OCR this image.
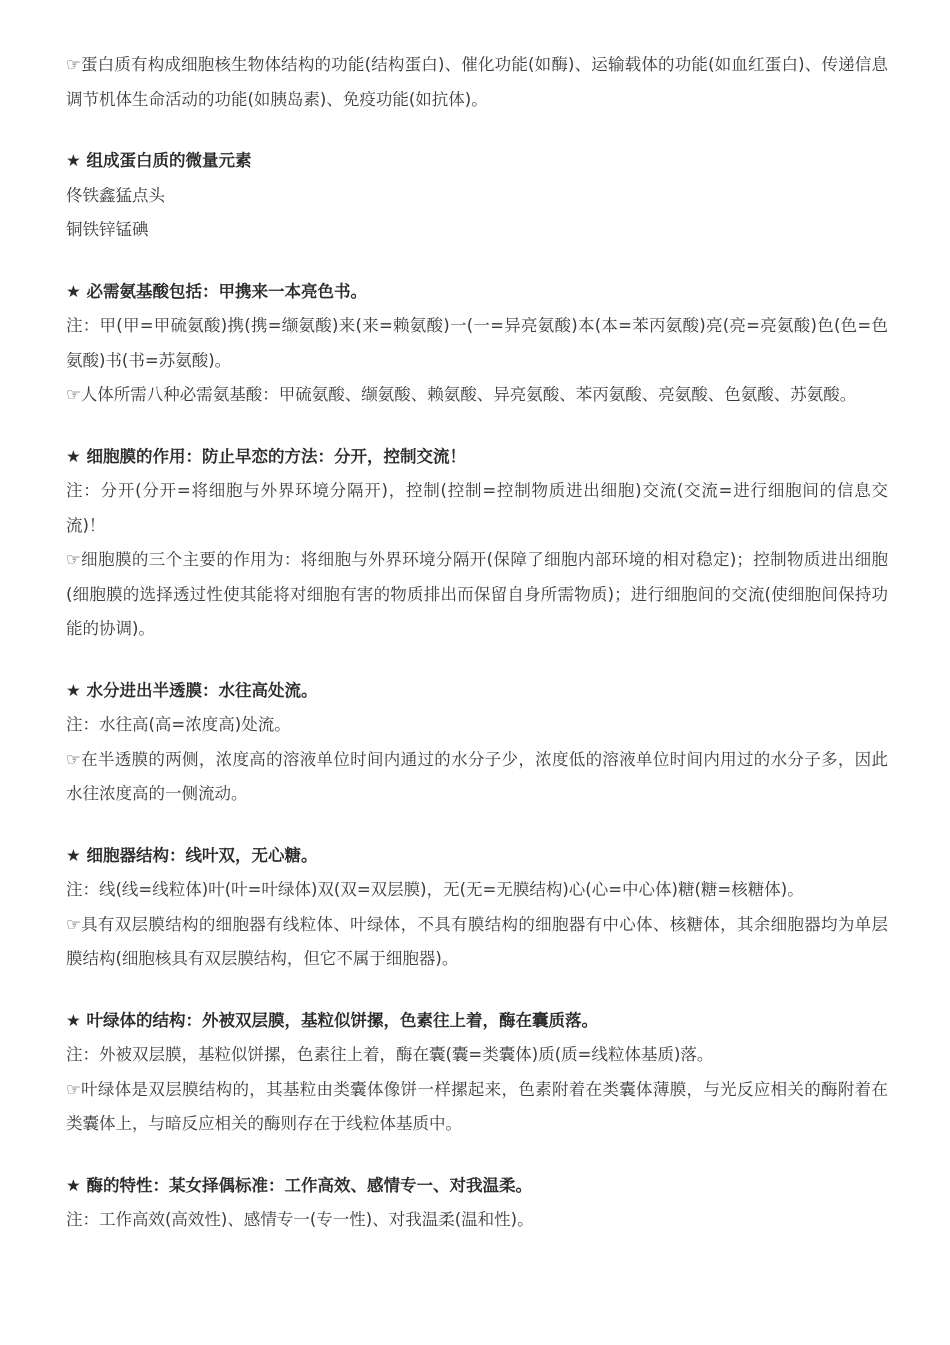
☞蛋白质有构成细胞核生物体结构的功能(结构蛋白)、催化功能(如酶)、运输载体的功能(如血红蛋白)、传递信息调节机体生命活动的功能(如胰岛素)、免疫功能(如抗体)。

★ 组成蛋白质的微量元素

佟铁鑫猛点头

铜铁锌锰碘

★ 必需氨基酸包括：甲携来一本亮色书。

注：甲(甲=甲硫氨酸)携(携=缬氨酸)来(来=赖氨酸)一(一=异亮氨酸)本(本=苯丙氨酸)亮(亮=亮氨酸)色(色=色氨酸)书(书=苏氨酸)。

☞人体所需八种必需氨基酸：甲硫氨酸、缬氨酸、赖氨酸、异亮氨酸、苯丙氨酸、亮氨酸、色氨酸、苏氨酸。

★ 细胞膜的作用：防止早恋的方法：分开，控制交流！

注：分开(分开=将细胞与外界环境分隔开)，控制(控制=控制物质进出细胞)交流(交流=进行细胞间的信息交流)！

☞细胞膜的三个主要的作用为：将细胞与外界环境分隔开(保障了细胞内部环境的相对稳定)；控制物质进出细胞(细胞膜的选择透过性使其能将对细胞有害的物质排出而保留自身所需物质)；进行细胞间的交流(使细胞间保持功能的协调)。

★ 水分进出半透膜：水往高处流。

注：水往高(高=浓度高)处流。

☞在半透膜的两侧，浓度高的溶液单位时间内通过的水分子少，浓度低的溶液单位时间内用过的水分子多，因此水往浓度高的一侧流动。

★ 细胞器结构：线叶双，无心糖。

注：线(线=线粒体)叶(叶=叶绿体)双(双=双层膜)，无(无=无膜结构)心(心=中心体)糖(糖=核糖体)。

☞具有双层膜结构的细胞器有线粒体、叶绿体，不具有膜结构的细胞器有中心体、核糖体，其余细胞器均为单层膜结构(细胞核具有双层膜结构，但它不属于细胞器)。

★ 叶绿体的结构：外被双层膜，基粒似饼摞，色素往上着，酶在囊质落。

注：外被双层膜，基粒似饼摞，色素往上着，酶在囊(囊=类囊体)质(质=线粒体基质)落。

☞叶绿体是双层膜结构的，其基粒由类囊体像饼一样摞起来，色素附着在类囊体薄膜，与光反应相关的酶附着在类囊体上，与暗反应相关的酶则存在于线粒体基质中。

★ 酶的特性：某女择偶标准：工作高效、感情专一、对我温柔。

注：工作高效(高效性)、感情专一(专一性)、对我温柔(温和性)。
